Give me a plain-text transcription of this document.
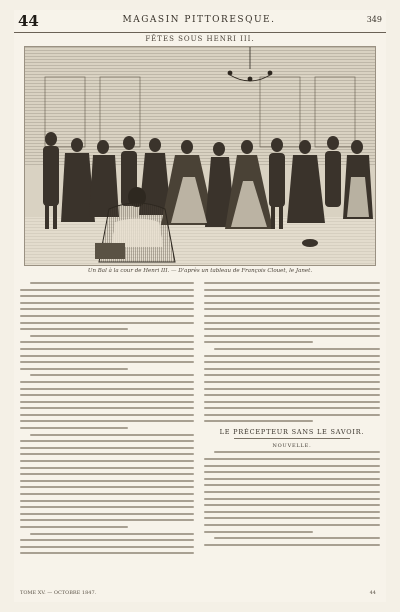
44	MAGASIN PITTORESQUE.	349
FÊTES SOUS HENRI III.
Un Bal à la cour de Henri III. — D'après un tableau de François Clouet, le Janet.
LE PRÉCEPTEUR SANS LE SAVOIR.
NOUVELLE.
TOME XV. — OCTOBRE 1847.	44
